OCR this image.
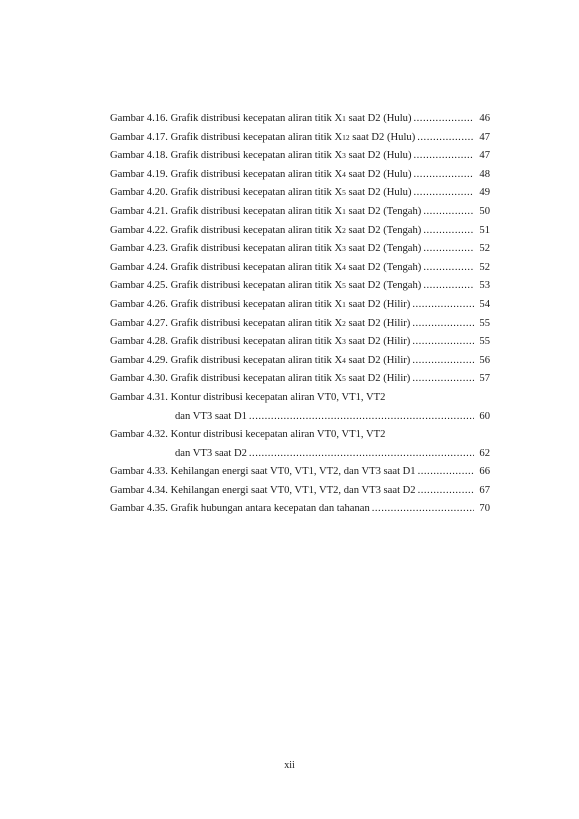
Gambar 4.16. Grafik distribusi kecepatan aliran titik X1 saat D2 (Hulu) .....	46
Gambar 4.17. Grafik distribusi kecepatan aliran titik X12 saat D2 (Hulu) .....	47
Gambar 4.18. Grafik distribusi kecepatan aliran titik X3 saat D2 (Hulu) .....	47
Gambar 4.19. Grafik distribusi kecepatan aliran titik X4 saat D2 (Hulu) .....	48
Gambar 4.20. Grafik distribusi kecepatan aliran titik X5 saat D2 (Hulu) .....	49
Gambar 4.21. Grafik distribusi kecepatan aliran titik X1 saat D2 (Tengah) .....	50
Gambar 4.22. Grafik distribusi kecepatan aliran titik X2 saat D2 (Tengah) .....	51
Gambar 4.23. Grafik distribusi kecepatan aliran titik X3 saat D2 (Tengah) .....	52
Gambar 4.24. Grafik distribusi kecepatan aliran titik X4 saat D2 (Tengah) .....	52
Gambar 4.25. Grafik distribusi kecepatan aliran titik X5 saat D2 (Tengah) .....	53
Gambar 4.26. Grafik distribusi kecepatan aliran titik X1 saat D2 (Hilir) .....	54
Gambar 4.27. Grafik distribusi kecepatan aliran titik X2 saat D2 (Hilir) .....	55
Gambar 4.28. Grafik distribusi kecepatan aliran titik X3 saat D2 (Hilir) .....	55
Gambar 4.29. Grafik distribusi kecepatan aliran titik X4 saat D2 (Hilir) .....	56
Gambar 4.30. Grafik distribusi kecepatan aliran titik X5 saat D2 (Hilir) .....	57
Gambar 4.31. Kontur distribusi kecepatan aliran VT0, VT1, VT2
dan VT3 saat D1 .....	60
Gambar 4.32. Kontur distribusi kecepatan aliran VT0, VT1, VT2
dan VT3 saat D2 .....	62
Gambar 4.33. Kehilangan energi saat VT0, VT1, VT2, dan VT3 saat D1 .....	66
Gambar 4.34. Kehilangan energi saat VT0, VT1, VT2, dan VT3 saat D2 .....	67
Gambar 4.35. Grafik hubungan antara kecepatan dan tahanan .....	70
xii
